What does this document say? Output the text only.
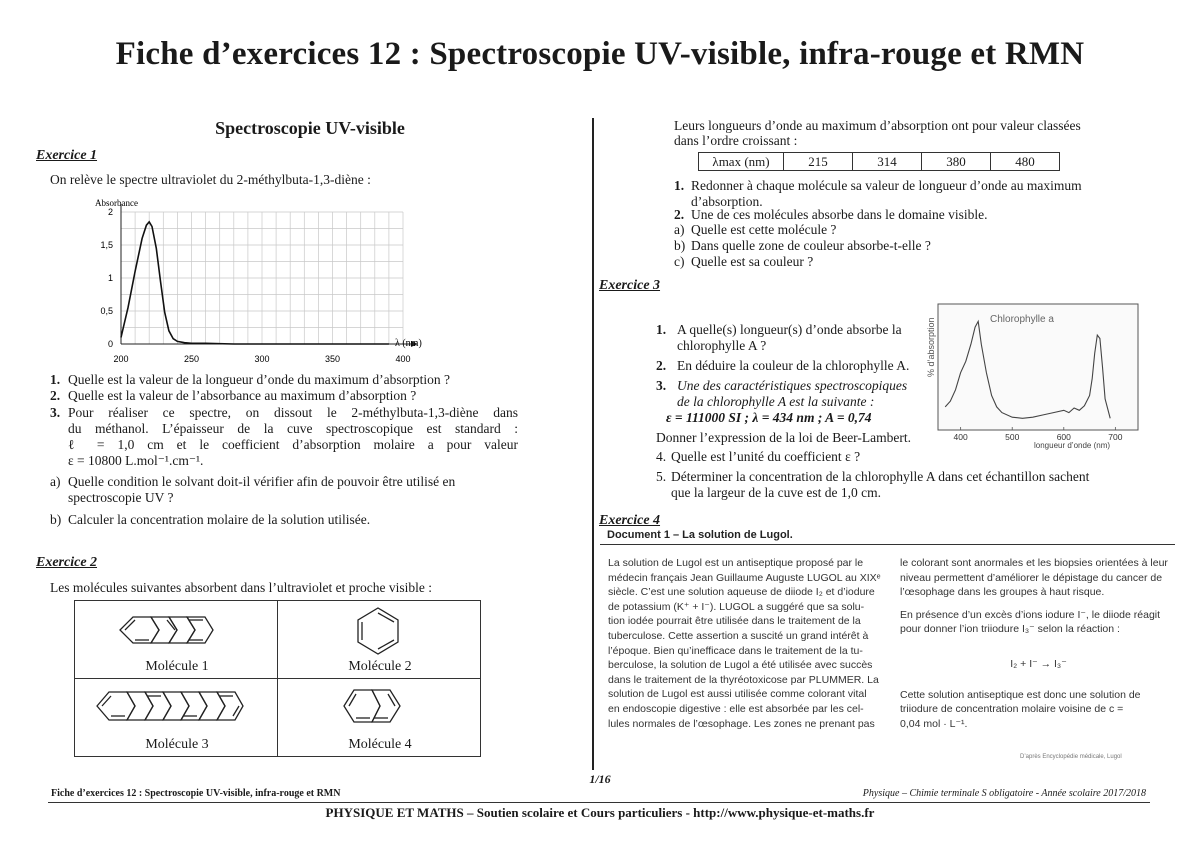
Fiche d’exercices 12 : Spectroscopie UV-visible, infra-rouge et RMN
Spectroscopie UV-visible
Exercice 1
On relève le spectre ultraviolet du 2-méthylbuta-1,3-diène :
200	250	300	350	400
0
0,5
1
1,5
2
Absorbance
λ (nm)
1. Quelle est la valeur de la longueur d’onde du maximum d’absorption ?
2. Quelle est la valeur de l’absorbance au maximum d’absorption ?
3. Pour réaliser ce spectre, on dissout le 2-méthylbuta-1,3-diène dans
du méthanol. L’épaisseur de la cuve spectroscopique est standard :
ℓ = 1,0 cm et le coefficient d’absorption molaire a pour valeur
ε = 10800 L.mol⁻¹.cm⁻¹.
a) Quelle condition le solvant doit-il vérifier afin de pouvoir être utilisé en
spectroscopie UV ?
b) Calculer la concentration molaire de la solution utilisée.
Exercice 2
Les molécules suivantes absorbent dans l’ultraviolet et proche visible :
Molécule 1	Molécule 2

Molécule 3	Molécule 4
Leurs longueurs d’onde au maximum d’absorption ont pour valeur classées
dans l’ordre croissant :
λmax (nm)	215	314	380	480
1. Redonner à chaque molécule sa valeur de longueur d’onde au maximum
d’absorption.
2. Une de ces molécules absorbe dans le domaine visible.
a) Quelle est cette molécule ?
b) Dans quelle zone de couleur absorbe-t-elle ?
c) Quelle est sa couleur ?
Exercice 3
1. A quelle(s) longueur(s) d’onde absorbe la
chlorophylle A ?
2. En déduire la couleur de la chlorophylle A.
3. Une des caractéristiques spectroscopiques
de la chlorophylle A est la suivante :
ε = 111000 SI ; λ = 434 nm ; A = 0,74
Donner l’expression de la loi de Beer-Lambert.
4. Quelle est l’unité du coefficient ε ?
5. Déterminer la concentration de la chlorophylle A dans cet échantillon sachent
que la largeur de la cuve est de 1,0 cm.
% d’absorption	Chlorophylle a
400	500	600	700
longueur d’onde (nm)
Exercice 4
Document 1 – La solution de Lugol.
La solution de Lugol est un antiseptique proposé par le
médecin français Jean Guillaume Auguste LUGOL au XIXᵉ
siècle. C’est une solution aqueuse de diiode I₂ et d’iodure
de potassium (K⁺ + I⁻). LUGOL a suggéré que sa solu-
tion iodée pourrait être utilisée dans le traitement de la
tuberculose. Cette assertion a suscité un grand intérêt à
l’époque. Bien qu’inefficace dans le traitement de la tu-
berculose, la solution de Lugol a été utilisée avec succès
dans le traitement de la thyréotoxicose par PLUMMER. La
solution de Lugol est aussi utilisée comme colorant vital
en endoscopie digestive : elle est absorbée par les cel-
lules normales de l’œsophage. Les zones ne prenant pas
le colorant sont anormales et les biopsies orientées à leur
niveau permettent d’améliorer le dépistage du cancer de
l’œsophage dans les groupes à haut risque.
En présence d’un excès d’ions iodure I⁻, le diiode réagit
pour donner l’ion triiodure I₃⁻ selon la réaction :
I₂ + I⁻ → I₃⁻
Cette solution antiseptique est donc une solution de
triiodure de concentration molaire voisine de c =
0,04 mol · L⁻¹.
D’après Encyclopédie médicale, Lugol
1/16
Fiche d’exercices 12 : Spectroscopie UV-visible, infra-rouge et RMN	Physique – Chimie terminale S obligatoire - Année scolaire 2017/2018
PHYSIQUE ET MATHS – Soutien scolaire et Cours particuliers - http://www.physique-et-maths.fr
